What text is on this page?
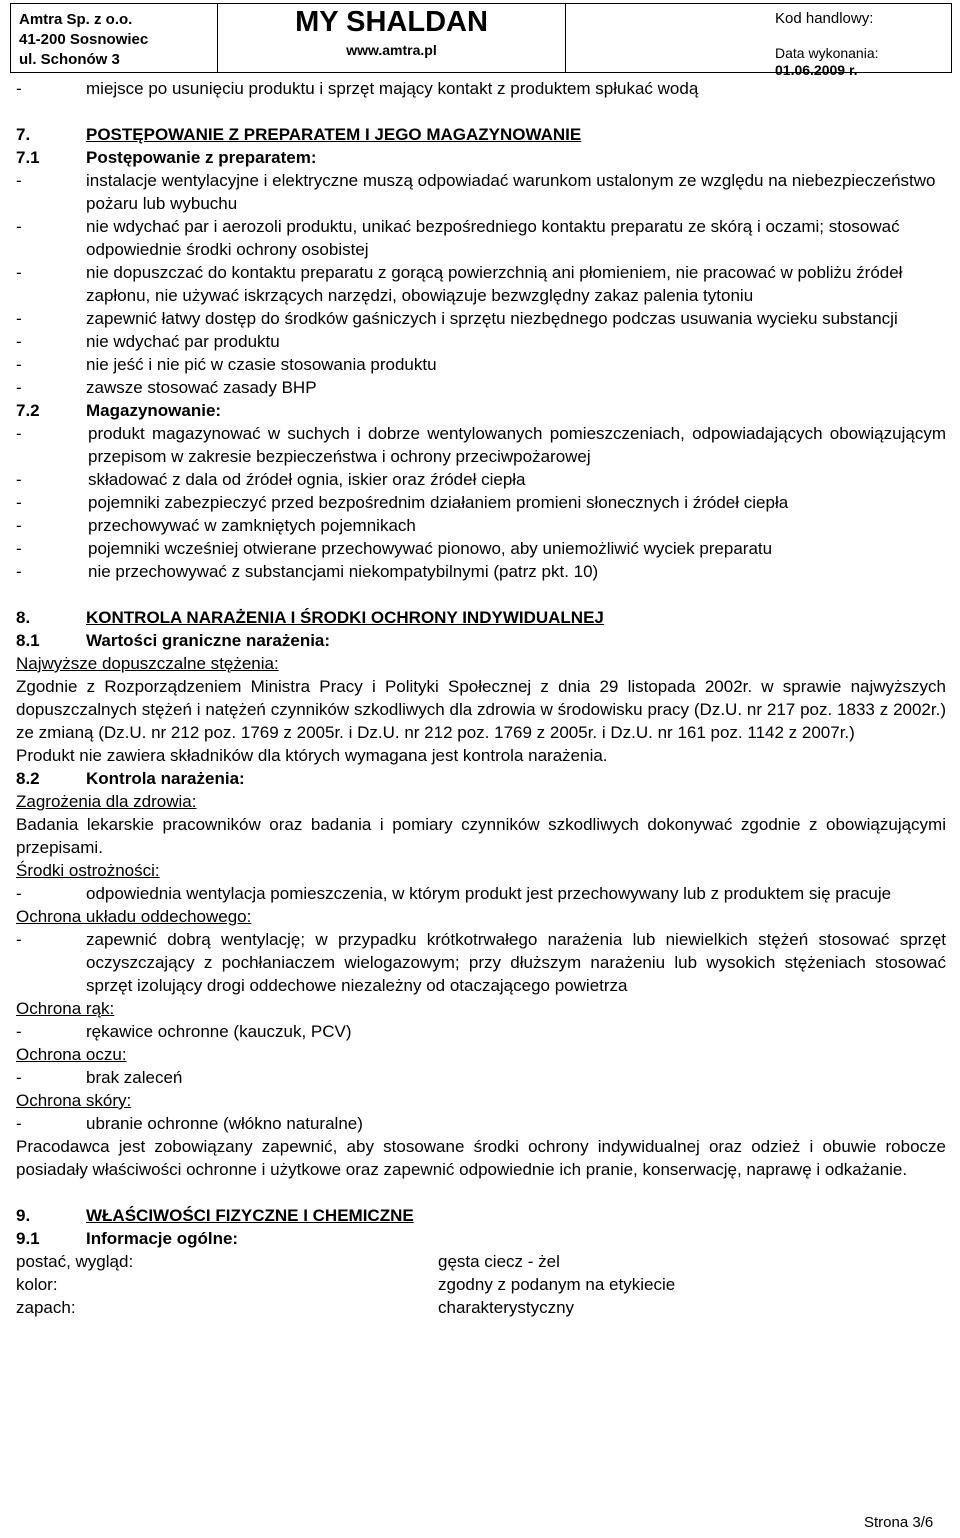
Amtra Sp. z o.o.
41-200 Sosnowiec
ul. Schonów 3
MY SHALDAN
www.amtra.pl
Kod handlowy:
Data wykonania:
01.06.2009 r.
-	miejsce po usunięciu produktu i sprzęt mający kontakt z produktem spłukać wodą
7.	POSTĘPOWANIE Z PREPARATEM I JEGO MAGAZYNOWANIE
7.1	Postępowanie z preparatem:
-	instalacje wentylacyjne i elektryczne muszą odpowiadać warunkom ustalonym ze względu na niebezpieczeństwo pożaru lub wybuchu
-	nie wdychać par i aerozoli produktu, unikać bezpośredniego kontaktu preparatu ze skórą i oczami; stosować odpowiednie środki ochrony osobistej
-	nie dopuszczać do kontaktu preparatu z gorącą powierzchnią ani płomieniem, nie pracować w pobliżu źródeł zapłonu, nie używać iskrzących narzędzi, obowiązuje bezwzględny zakaz palenia tytoniu
-	zapewnić łatwy dostęp do środków gaśniczych i sprzętu niezbędnego podczas usuwania wycieku substancji
-	nie wdychać par produktu
-	nie jeść i nie pić w czasie stosowania produktu
-	zawsze stosować zasady BHP
7.2	Magazynowanie:
-	produkt magazynować w suchych i dobrze wentylowanych pomieszczeniach, odpowiadających obowiązującym przepisom w zakresie bezpieczeństwa i ochrony przeciwpożarowej
-	składować z dala od źródeł ognia, iskier oraz źródeł ciepła
-	pojemniki zabezpieczyć przed bezpośrednim działaniem promieni słonecznych i źródeł ciepła
-	przechowywać w zamkniętych pojemnikach
-	pojemniki wcześniej otwierane przechowywać pionowo, aby uniemożliwić wyciek preparatu
-	nie przechowywać z substancjami niekompatybilnymi (patrz pkt. 10)
8.	KONTROLA NARAŻENIA I ŚRODKI OCHRONY INDYWIDUALNEJ
8.1	Wartości graniczne narażenia:
Najwyższe dopuszczalne stężenia:
Zgodnie z Rozporządzeniem Ministra Pracy i Polityki Społecznej z dnia 29 listopada 2002r. w sprawie najwyższych dopuszczalnych stężeń i natężeń czynników szkodliwych dla zdrowia w środowisku pracy (Dz.U. nr 217 poz. 1833 z 2002r.) ze zmianą (Dz.U. nr 212 poz. 1769 z 2005r. i Dz.U. nr 212 poz. 1769 z 2005r. i Dz.U. nr 161 poz. 1142 z 2007r.)
Produkt nie zawiera składników dla których wymagana jest kontrola narażenia.
8.2	Kontrola narażenia:
Zagrożenia dla zdrowia:
Badania lekarskie pracowników oraz badania i pomiary czynników szkodliwych dokonywać zgodnie z obowiązującymi przepisami.
Środki ostrożności:
-	odpowiednia wentylacja pomieszczenia, w którym produkt jest przechowywany lub z produktem się pracuje
Ochrona układu oddechowego:
-	zapewnić dobrą wentylację; w przypadku krótkotrwałego narażenia lub niewielkich stężeń stosować sprzęt oczyszczający z pochłaniaczem wielogazowym; przy dłuższym narażeniu lub wysokich stężeniach stosować sprzęt izolujący drogi oddechowe niezależny od otaczającego powietrza
Ochrona rąk:
-	rękawice ochronne (kauczuk, PCV)
Ochrona oczu:
-	brak zaleceń
Ochrona skóry:
-	ubranie ochronne (włókno naturalne)
Pracodawca jest zobowiązany zapewnić, aby stosowane środki ochrony indywidualnej oraz odzież i obuwie robocze posiadały właściwości ochronne i użytkowe oraz zapewnić odpowiednie ich pranie, konserwację, naprawę i odkażanie.
9.	WŁAŚCIWOŚCI FIZYCZNE I CHEMICZNE
9.1	Informacje ogólne:
postać, wygląd:	gęsta ciecz - żel
kolor:	zgodny z podanym na etykiecie
zapach:	charakterystyczny
Strona 3/6
